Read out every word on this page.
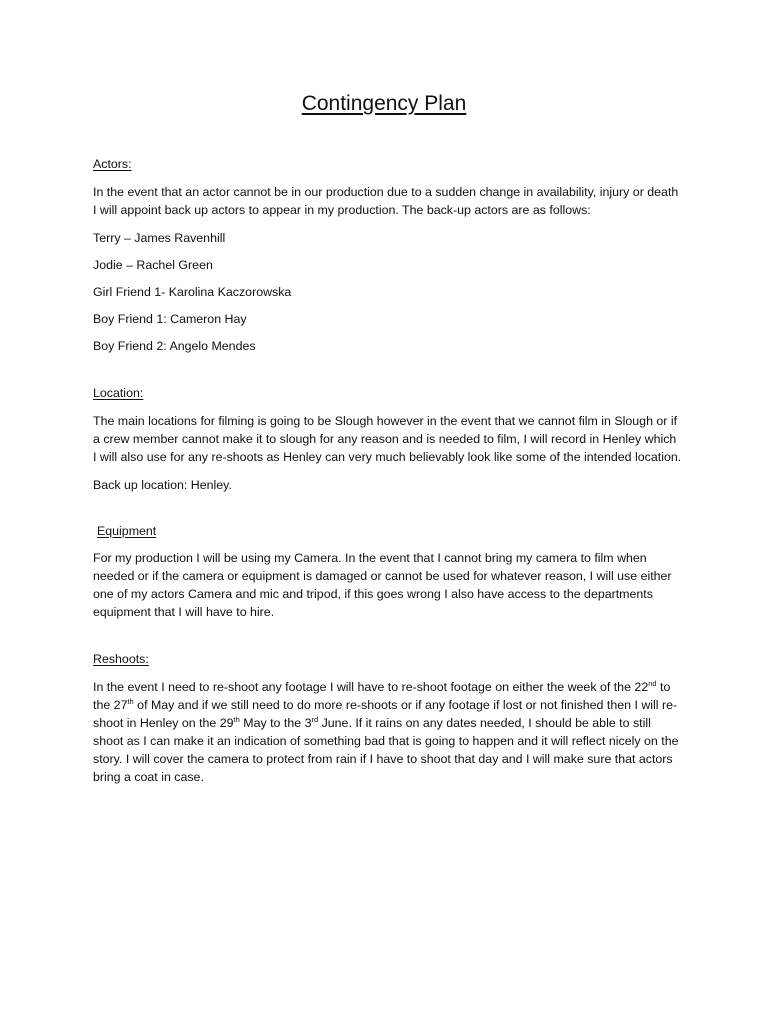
Contingency Plan

Actors:

In the event that an actor cannot be in our production due to a sudden change in availability, injury or death I will appoint back up actors to appear in my production. The back-up actors are as follows:

Terry – James Ravenhill

Jodie – Rachel Green

Girl Friend 1- Karolina Kaczorowska

Boy Friend 1: Cameron Hay

Boy Friend 2: Angelo Mendes

Location:

The main locations for filming is going to be Slough however in the event that we cannot film in Slough or if a crew member cannot make it to slough for any reason and is needed to film, I will record in Henley which I will also use for any re-shoots as Henley can very much believably look like some of the intended location.

Back up location: Henley.

Equipment

For my production I will be using my Camera. In the event that I cannot bring my camera to film when needed or if the camera or equipment is damaged or cannot be used for whatever reason, I will use either one of my actors Camera and mic and tripod, if this goes wrong I also have access to the departments equipment that I will have to hire.

Reshoots:

In the event I need to re-shoot any footage I will have to re-shoot footage on either the week of the 22nd to the 27th of May and if we still need to do more re-shoots or if any footage if lost or not finished then I will re-shoot in Henley on the 29th May to the 3rd June. If it rains on any dates needed, I should be able to still shoot as I can make it an indication of something bad that is going to happen and it will reflect nicely on the story. I will cover the camera to protect from rain if I have to shoot that day and I will make sure that actors bring a coat in case.
